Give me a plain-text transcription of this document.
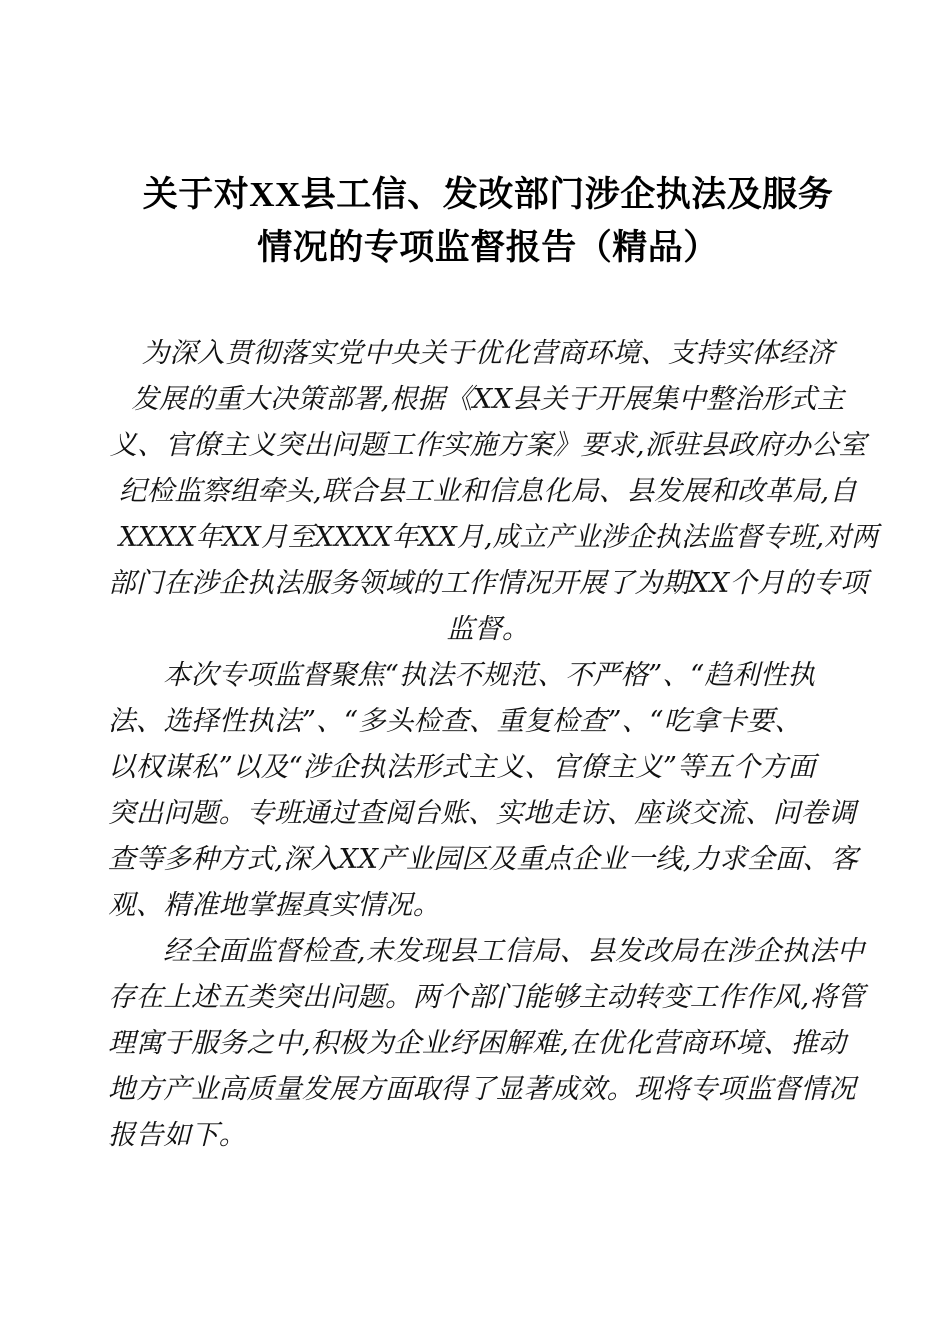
关于对XX县工信、发改部门涉企执法及服务
情况的专项监督报告（精品）

为深入贯彻落实党中央关于优化营商环境、支持实体经济
发展的重大决策部署,根据《XX县关于开展集中整治形式主
义、官僚主义突出问题工作实施方案》要求,派驻县政府办公室
纪检监察组牵头,联合县工业和信息化局、县发展和改革局,自
XXXX年XX月至XXXX年XX月,成立产业涉企执法监督专班,对两
部门在涉企执法服务领域的工作情况开展了为期XX个月的专项
监督。

本次专项监督聚焦“执法不规范、不严格”、“趋利性执
法、选择性执法”、“多头检查、重复检查”、“吃拿卡要、
以权谋私”以及“涉企执法形式主义、官僚主义”等五个方面
突出问题。专班通过查阅台账、实地走访、座谈交流、问卷调
查等多种方式,深入XX产业园区及重点企业一线,力求全面、客
观、精准地掌握真实情况。

经全面监督检查,未发现县工信局、县发改局在涉企执法中
存在上述五类突出问题。两个部门能够主动转变工作作风,将管
理寓于服务之中,积极为企业纾困解难,在优化营商环境、推动
地方产业高质量发展方面取得了显著成效。现将专项监督情况
报告如下。
